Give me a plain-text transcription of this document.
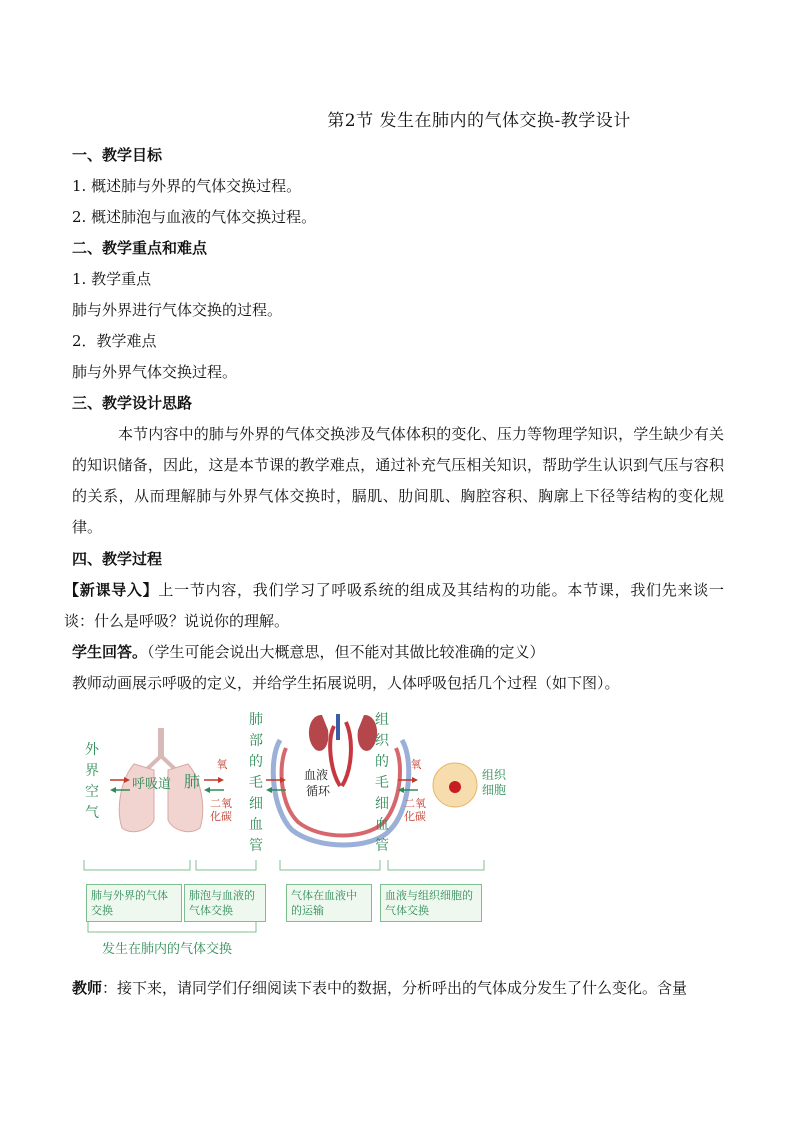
第2节 发生在肺内的气体交换-教学设计
一、教学目标
1. 概述肺与外界的气体交换过程。
2. 概述肺泡与血液的气体交换过程。
二、教学重点和难点
1. 教学重点
肺与外界进行气体交换的过程。
2．教学难点
肺与外界气体交换过程。
三、教学设计思路
本节内容中的肺与外界的气体交换涉及气体体积的变化、压力等物理学知识，学生缺少有关的知识储备，因此，这是本节课的教学难点，通过补充气压相关知识，帮助学生认识到气压与容积的关系，从而理解肺与外界气体交换时，膈肌、肋间肌、胸腔容积、胸廓上下径等结构的变化规律。
四、教学过程
【新课导入】上一节内容，我们学习了呼吸系统的组成及其结构的功能。本节课，我们先来谈一谈：什么是呼吸？说说你的理解。
学生回答。（学生可能会说出大概意思，但不能对其做比较准确的定义）
教师动画展示呼吸的定义，并给学生拓展说明，人体呼吸包括几个过程（如下图）。
外界空气
呼吸道 肺
氧
二氧化碳
肺部的毛细血管
血液
循环
组织的毛细血管
氧
二氧化碳
组织细胞
肺与外界的气体交换
肺泡与血液的气体交换
气体在血液中的运输
血液与组织细胞的气体交换
发生在肺内的气体交换
教师：接下来，请同学们仔细阅读下表中的数据，分析呼出的气体成分发生了什么变化。含量
